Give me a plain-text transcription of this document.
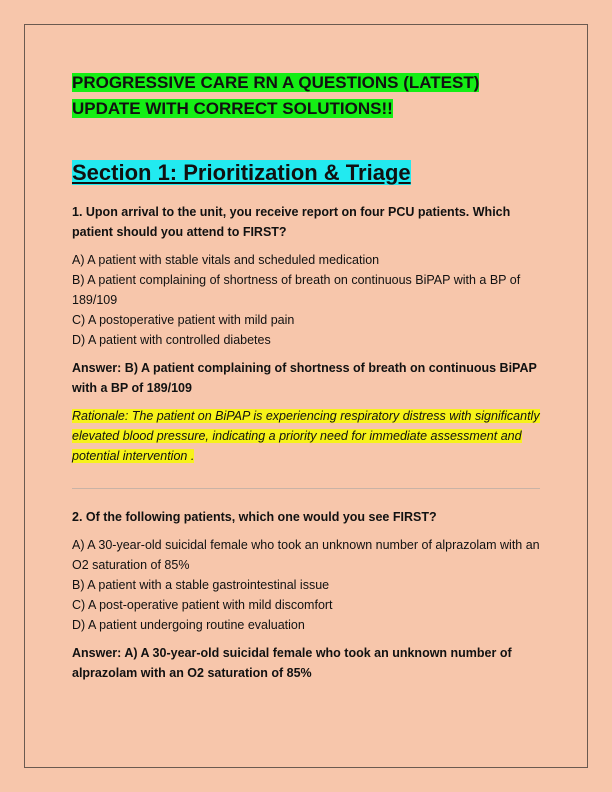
PROGRESSIVE CARE RN A QUESTIONS (LATEST) UPDATE WITH CORRECT SOLUTIONS!!
Section 1: Prioritization & Triage

1. Upon arrival to the unit, you receive report on four PCU patients. Which patient should you attend to FIRST?

A) A patient with stable vitals and scheduled medication
B) A patient complaining of shortness of breath on continuous BiPAP with a BP of 189/109
C) A postoperative patient with mild pain
D) A patient with controlled diabetes

Answer: B) A patient complaining of shortness of breath on continuous BiPAP with a BP of 189/109

Rationale: The patient on BiPAP is experiencing respiratory distress with significantly elevated blood pressure, indicating a priority need for immediate assessment and potential intervention .

2. Of the following patients, which one would you see FIRST?

A) A 30-year-old suicidal female who took an unknown number of alprazolam with an O2 saturation of 85%
B) A patient with a stable gastrointestinal issue
C) A post-operative patient with mild discomfort
D) A patient undergoing routine evaluation

Answer: A) A 30-year-old suicidal female who took an unknown number of alprazolam with an O2 saturation of 85%
